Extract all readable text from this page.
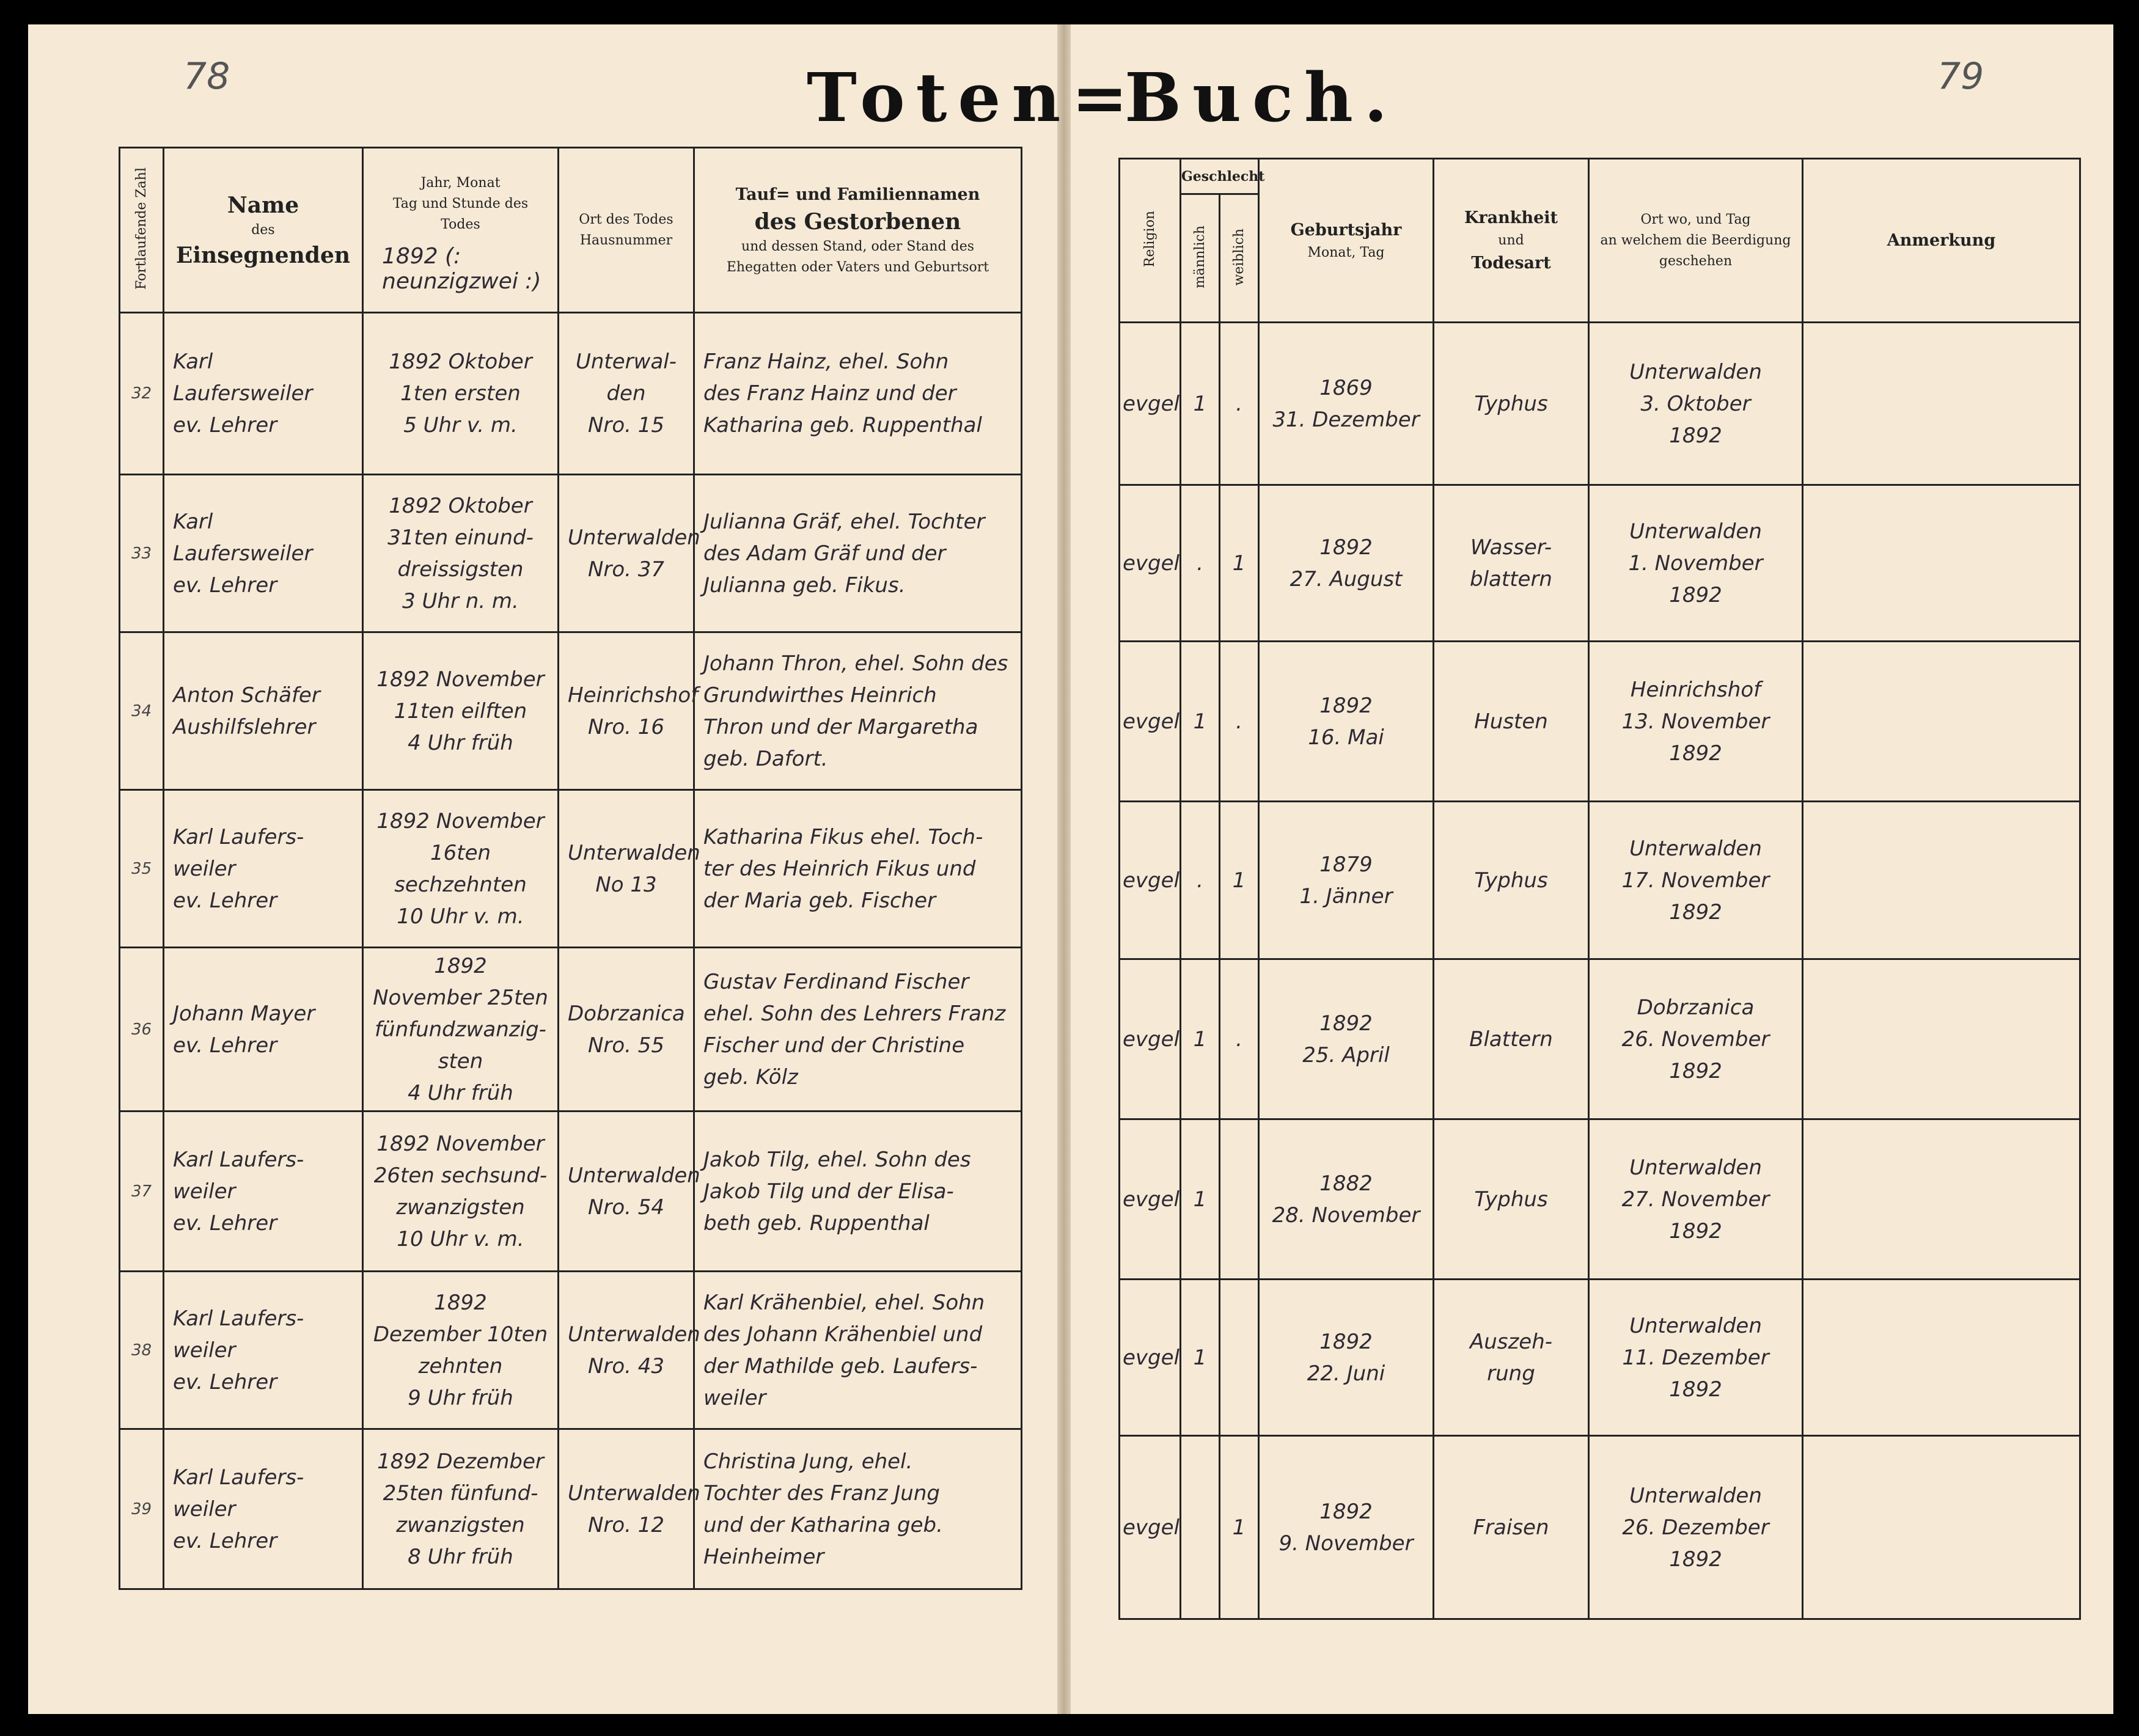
78	79
Toten=
Buch.
Fortlaufende Zahl	Name
des
Einsegnenden	Jahr, Monat
Tag und Stunde des
Todes
1892 (: neunzigzwei :)	Ort des Todes
Hausnummer	Tauf= und Familiennamen
des Gestorbenen
und dessen Stand, oder Stand des Ehegatten oder Vaters und Geburtsort

32	Karl Laufersweiler
ev. Lehrer	1892 Oktober
1ten ersten
5 Uhr v. m.	Unterwal-
den
Nro. 15	Franz Hainz, ehel. Sohn
des Franz Hainz und der
Katharina geb. Ruppenthal

33	Karl Laufersweiler
ev. Lehrer	1892 Oktober
31ten einund-
dreissigsten
3 Uhr n. m.	Unterwalden
Nro. 37	Julianna Gräf, ehel. Tochter
des Adam Gräf und der
Julianna geb. Fikus.

34	Anton Schäfer
Aushilfslehrer	1892 November
11ten eilften
4 Uhr früh	Heinrichshof
Nro. 16	Johann Thron, ehel. Sohn des
Grundwirthes Heinrich
Thron und der Margaretha
geb. Dafort.

35	Karl Laufers-
weiler
ev. Lehrer	1892 November
16ten sechzehnten
10 Uhr v. m.	Unterwalden
No 13	Katharina Fikus ehel. Toch-
ter des Heinrich Fikus und
der Maria geb. Fischer

36	Johann Mayer
ev. Lehrer	1892
November 25ten
fünfundzwanzig-
sten
4 Uhr früh	Dobrzanica
Nro. 55	Gustav Ferdinand Fischer
ehel. Sohn des Lehrers Franz
Fischer und der Christine
geb. Kölz

37	Karl Laufers-
weiler
ev. Lehrer	1892 November
26ten sechsund-
zwanzigsten
10 Uhr v. m.	Unterwalden
Nro. 54	Jakob Tilg, ehel. Sohn des
Jakob Tilg und der Elisa-
beth geb. Ruppenthal

38	Karl Laufers-
weiler
ev. Lehrer	1892
Dezember 10ten
zehnten
9 Uhr früh	Unterwalden
Nro. 43	Karl Krähenbiel, ehel. Sohn
des Johann Krähenbiel und
der Mathilde geb. Laufers-
weiler

39	Karl Laufers-
weiler
ev. Lehrer	1892 Dezember
25ten fünfund-
zwanzigsten
8 Uhr früh	Unterwalden
Nro. 12	Christina Jung, ehel.
Tochter des Franz Jung
und der Katharina geb.
Heinheimer
Religion	Geschlecht		Geburtsjahr
Monat, Tag	Krankheit
und
Todesart	Ort wo, und Tag
an welchem die Beerdigung
geschehen	Anmerkung

	männlich	weiblich				

evgel	1	.	1869
31. Dezember	Typhus	Unterwalden
3. Oktober
1892	

evgel	.	1	1892
27. August	Wasser-
blattern	Unterwalden
1. November
1892	

evgel	1	.	1892
16. Mai	Husten	Heinrichshof
13. November
1892	

evgel	.	1	1879
1. Jänner	Typhus	Unterwalden
17. November
1892	

evgel	1	.	1892
25. April	Blattern	Dobrzanica
26. November
1892	

evgel	1		1882
28. November	Typhus	Unterwalden
27. November
1892	

evgel	1		1892
22. Juni	Auszeh-
rung	Unterwalden
11. Dezember
1892	

evgel		1	1892
9. November	Fraisen	Unterwalden
26. Dezember
1892	
